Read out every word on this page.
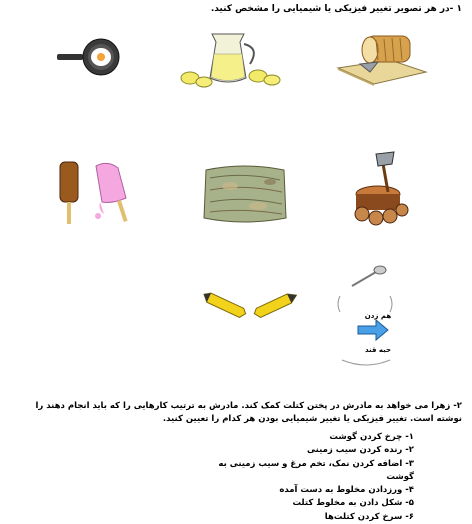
۱ -در هر تصویر تغییر فیزیکی یا شیمیایی را مشخص کنید.
هم زدن
حبه قند
۲- زهرا می خواهد به مادرش در پختن کتلت کمک کند. مادرش به ترتیب کارهایی را که باید انجام دهند را نوشته است. تغییر فیزیکی یا تغییر شیمیایی بودن هر کدام را تعیین کنید.
۱- چرخ کردن گوشت
۲- رنده کردن سیب زمینی
۳- اضافه کردن نمک، تخم مرغ و سیب زمینی به گوشت
۴- ورزدادن مخلوط به دست آمده
۵- شکل دادن به مخلوط کتلت
۶- سرخ کردن کتلت‌ها
